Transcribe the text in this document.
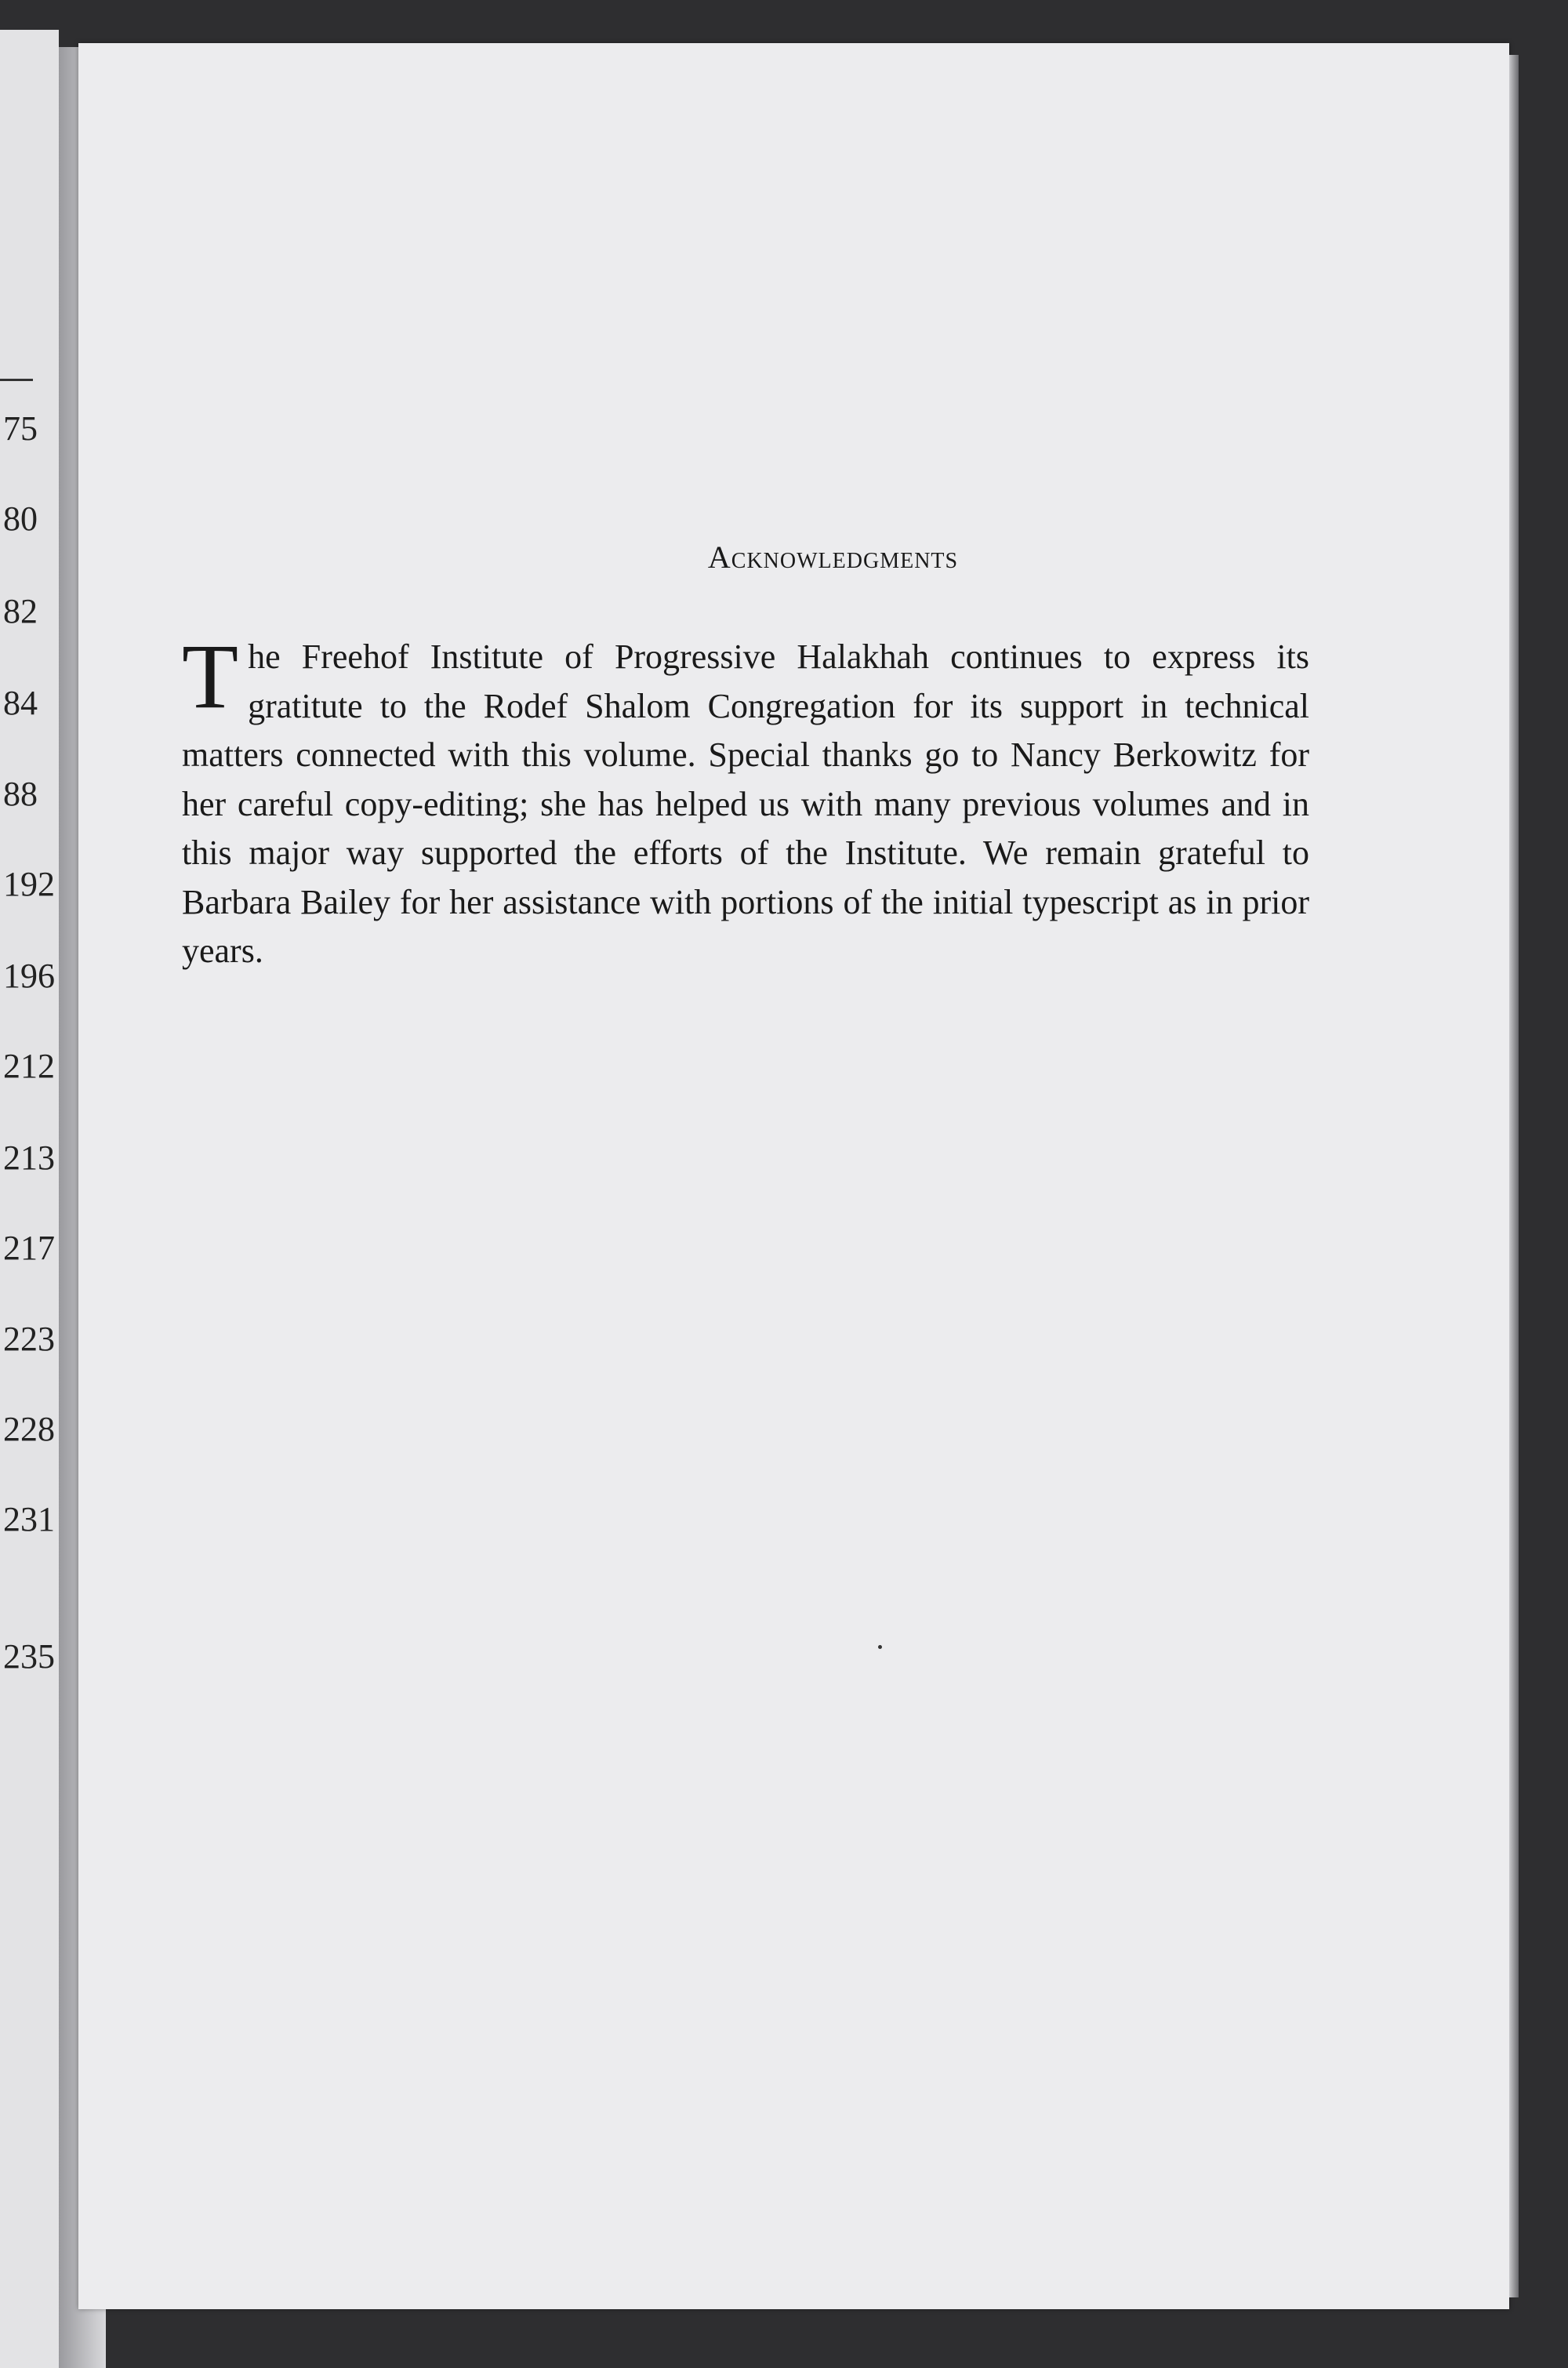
75
80
82
84
88
192
196
212
213
217
223
228
231
235
Acknowledgments
The Freehof Institute of Progressive Halakhah continues to express its gratitute to the Rodef Shalom Congregation for its support in technical matters connected with this volume. Special thanks go to Nancy Berkowitz for her careful copy-editing; she has helped us with many previous volumes and in this major way supported the efforts of the Institute. We remain grateful to Barbara Bailey for her assistance with portions of the initial typescript as in prior years.
